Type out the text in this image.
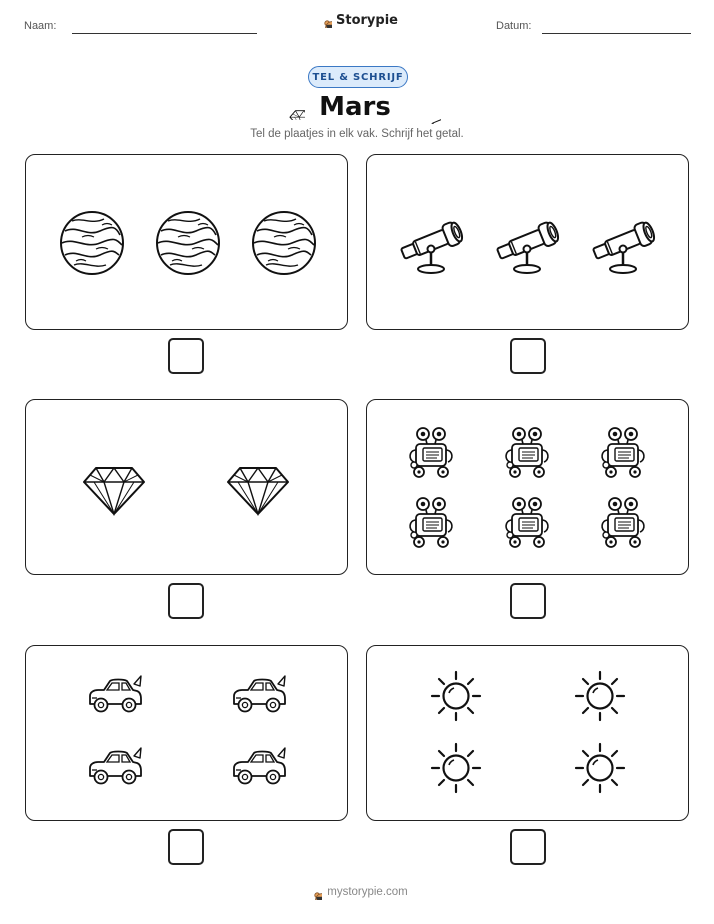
Naam:	Storypie	Datum:
TEL & SCHRIJF
Mars
Tel de plaatjes in elk vak. Schrijf het getal.
mystorypie.com
